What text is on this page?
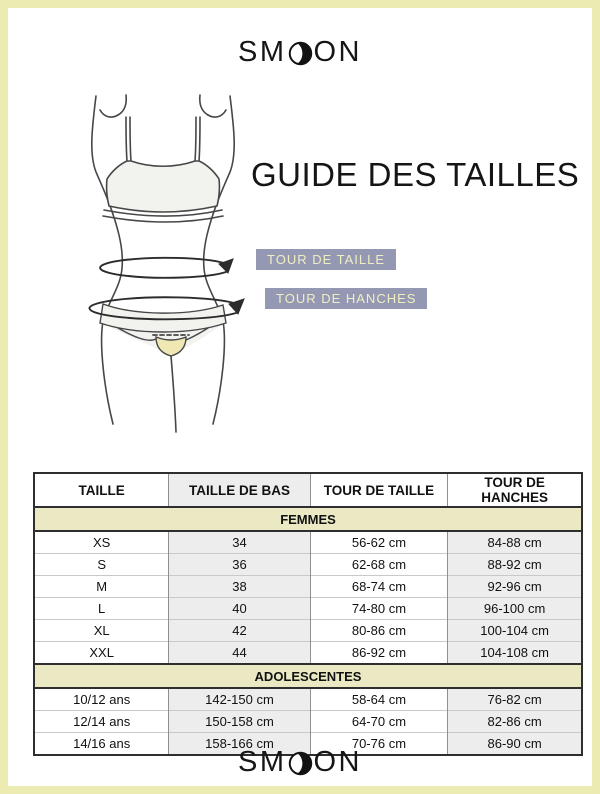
SM ON
GUIDE DES TAILLES
TOUR DE TAILLE
TOUR DE HANCHES
TAILLE	TAILLE DE BAS	TOUR DE TAILLE	TOUR DE HANCHES
FEMMES			
XS	34	56-62 cm	84-88 cm
S	36	62-68 cm	88-92 cm
M	38	68-74 cm	92-96 cm
L	40	74-80 cm	96-100 cm
XL	42	80-86 cm	100-104 cm
XXL	44	86-92 cm	104-108 cm
ADOLESCENTES			
10/12 ans	142-150 cm	58-64 cm	76-82 cm
12/14 ans	150-158 cm	64-70 cm	82-86 cm
14/16 ans	158-166 cm	70-76 cm	86-90 cm
SM ON
